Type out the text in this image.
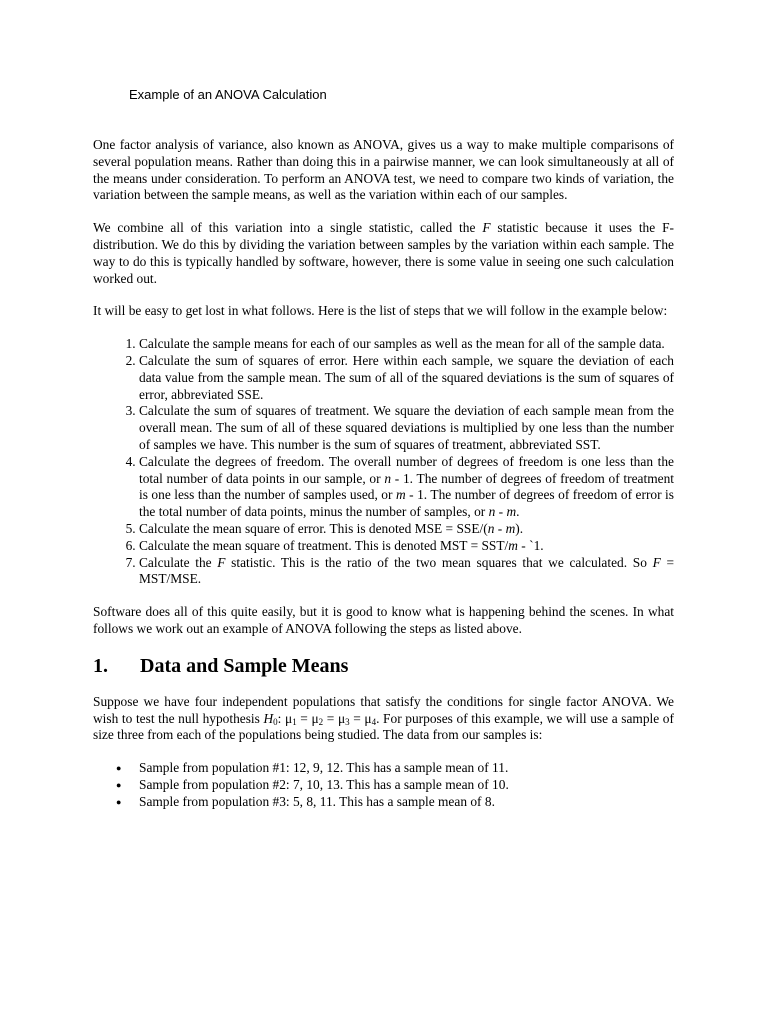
Example of an ANOVA Calculation

One factor analysis of variance, also known as ANOVA, gives us a way to make multiple comparisons of several population means. Rather than doing this in a pairwise manner, we can look simultaneously at all of the means under consideration. To perform an ANOVA test, we need to compare two kinds of variation, the variation between the sample means, as well as the variation within each of our samples.

We combine all of this variation into a single statistic, called the F statistic because it uses the F-distribution. We do this by dividing the variation between samples by the variation within each sample. The way to do this is typically handled by software, however, there is some value in seeing one such calculation worked out.

It will be easy to get lost in what follows. Here is the list of steps that we will follow in the example below:

1. Calculate the sample means for each of our samples as well as the mean for all of the sample data.
2. Calculate the sum of squares of error. Here within each sample, we square the deviation of each data value from the sample mean. The sum of all of the squared deviations is the sum of squares of error, abbreviated SSE.
3. Calculate the sum of squares of treatment. We square the deviation of each sample mean from the overall mean. The sum of all of these squared deviations is multiplied by one less than the number of samples we have. This number is the sum of squares of treatment, abbreviated SST.
4. Calculate the degrees of freedom. The overall number of degrees of freedom is one less than the total number of data points in our sample, or n - 1. The number of degrees of freedom of treatment is one less than the number of samples used, or m - 1. The number of degrees of freedom of error is the total number of data points, minus the number of samples, or n - m.
5. Calculate the mean square of error. This is denoted MSE = SSE/(n - m).
6. Calculate the mean square of treatment. This is denoted MST = SST/m - `1.
7. Calculate the F statistic. This is the ratio of the two mean squares that we calculated. So F = MST/MSE.

Software does all of this quite easily, but it is good to know what is happening behind the scenes. In what follows we work out an example of ANOVA following the steps as listed above.

1.	Data and Sample Means

Suppose we have four independent populations that satisfy the conditions for single factor ANOVA. We wish to test the null hypothesis $H_0$: $\mu_1 = \mu_2 = \mu_3 = \mu_4$. For purposes of this example, we will use a sample of size three from each of the populations being studied. The data from our samples is:

● Sample from population #1: 12, 9, 12. This has a sample mean of 11.
● Sample from population #2: 7, 10, 13. This has a sample mean of 10.
● Sample from population #3: 5, 8, 11. This has a sample mean of 8.
